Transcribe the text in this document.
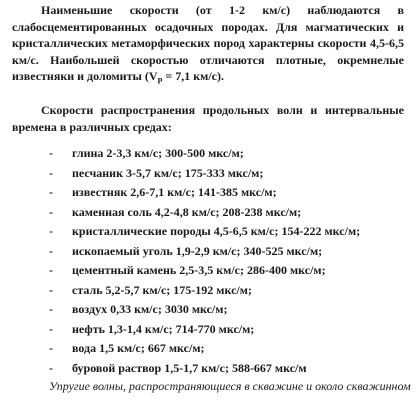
Наименьшие скорости (от 1-2 км/с) наблюдаются в слабосцементированных осадочных породах. Для магматических и кристаллических метаморфических пород характерны скорости 4,5-6,5 км/с. Наибольшей скоростью отличаются плотные, окремнелые известняки и доломиты ($V_P = 7,1$ км/с).

Скорости распространения продольных волн и интервальные времена в различных средах:

- глина 2-3,3 км/с; 300-500 мкс/м;
- песчаник 3-5,7 км/с; 175-333 мкс/м;
- известняк 2,6-7,1 км/с; 141-385 мкс/м;
- каменная соль 4,2-4,8 км/с; 208-238 мкс/м;
- кристаллические породы 4,5-6,5 км/с; 154-222 мкс/м;
- ископаемый уголь 1,9-2,9 км/с; 340-525 мкс/м;
- цементный камень 2,5-3,5 км/с; 286-400 мкс/м;
- сталь 5,2-5,7 км/с; 175-192 мкс/м;
- воздух 0,33 км/с; 3030 мкс/м;
- нефть 1,3-1,4 км/с; 714-770 мкс/м;
- вода 1,5 км/с; 667 мкс/м;
- буровой раствор 1,5-1,7 км/с; 588-667 мкс/м

Упругие волны, распространяющиеся в скважине и около скважинном
